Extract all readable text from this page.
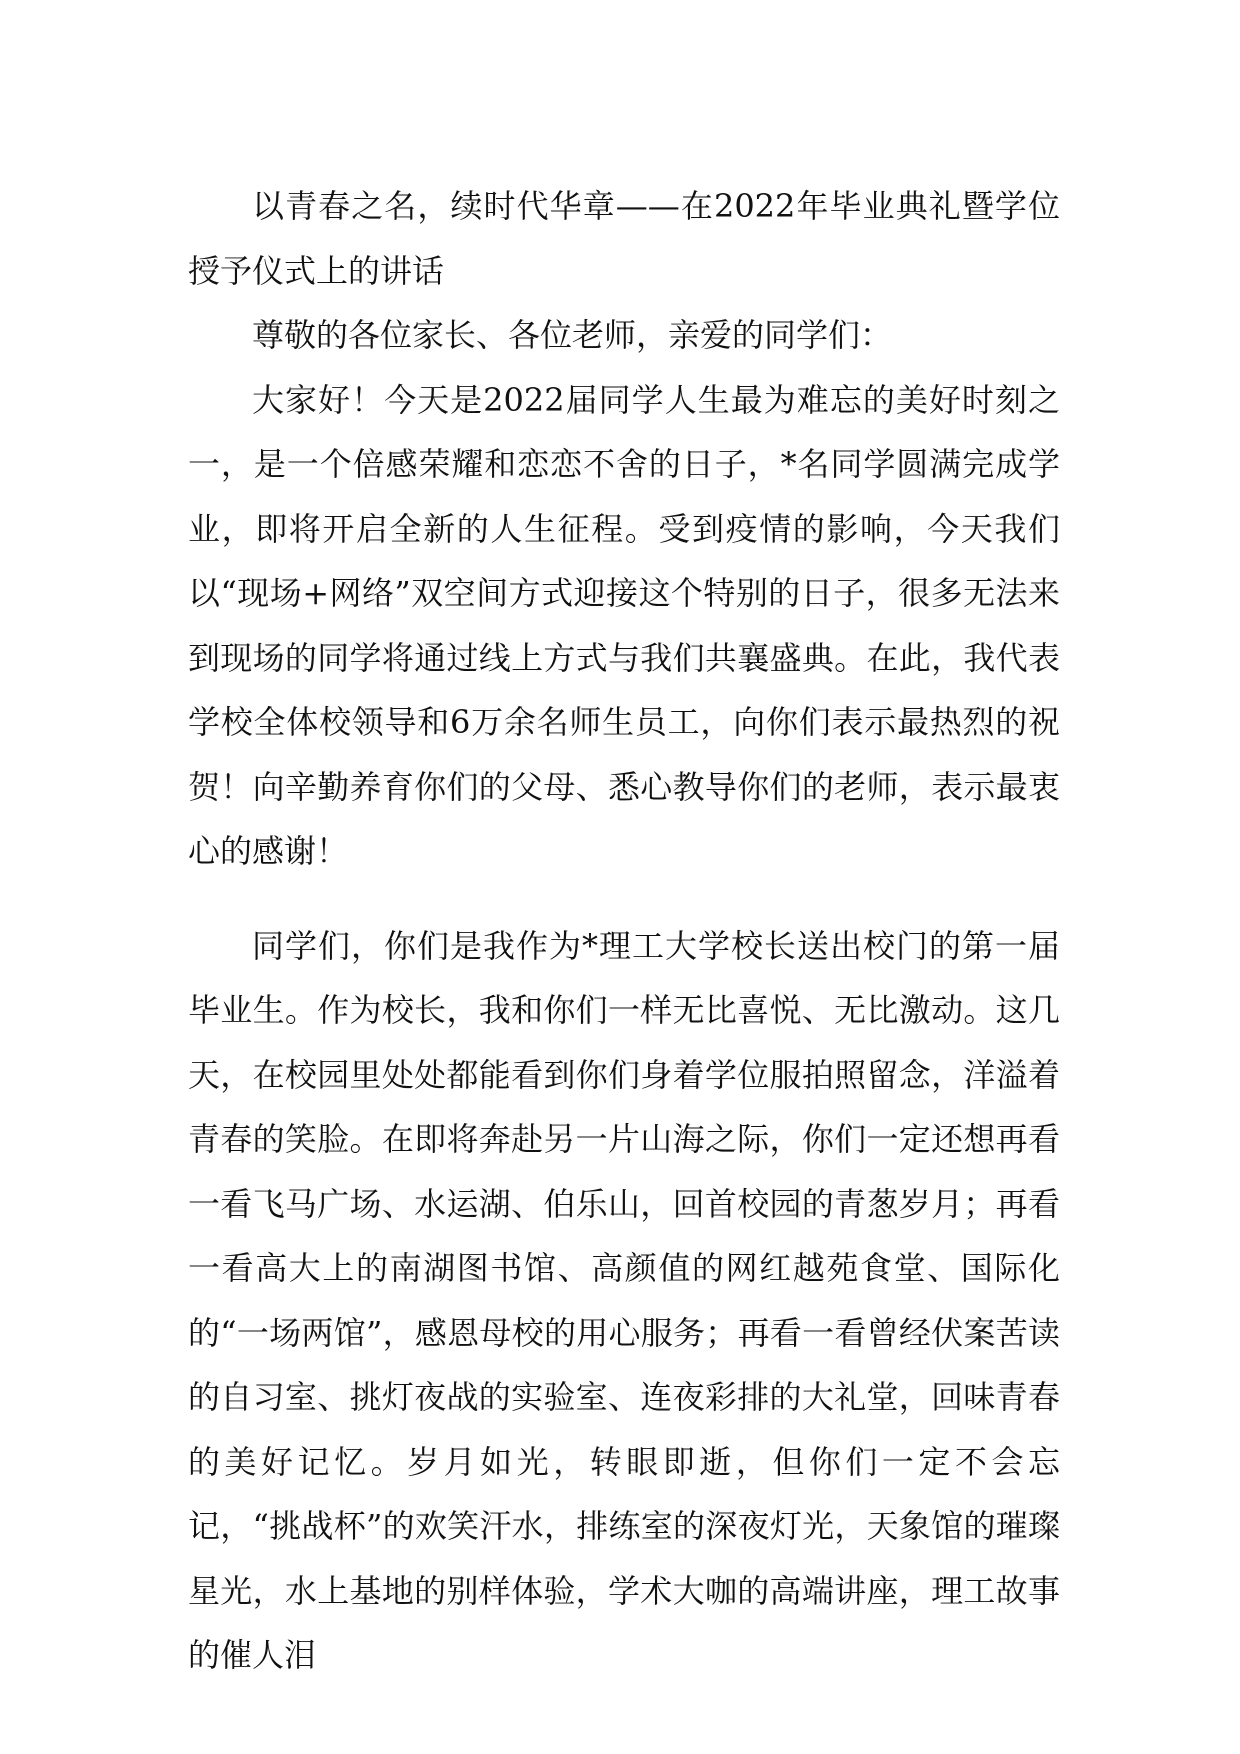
以青春之名，续时代华章——在2022年毕业典礼暨学位授予仪式上的讲话

尊敬的各位家长、各位老师，亲爱的同学们：

大家好！今天是2022届同学人生最为难忘的美好时刻之一，是一个倍感荣耀和恋恋不舍的日子，*名同学圆满完成学业，即将开启全新的人生征程。受到疫情的影响，今天我们以“现场+网络”双空间方式迎接这个特别的日子，很多无法来到现场的同学将通过线上方式与我们共襄盛典。在此，我代表学校全体校领导和6万余名师生员工，向你们表示最热烈的祝贺！向辛勤养育你们的父母、悉心教导你们的老师，表示最衷心的感谢！

同学们，你们是我作为*理工大学校长送出校门的第一届毕业生。作为校长，我和你们一样无比喜悦、无比激动。这几天，在校园里处处都能看到你们身着学位服拍照留念，洋溢着青春的笑脸。在即将奔赴另一片山海之际，你们一定还想再看一看飞马广场、水运湖、伯乐山，回首校园的青葱岁月；再看一看高大上的南湖图书馆、高颜值的网红越苑食堂、国际化的“一场两馆”，感恩母校的用心服务；再看一看曾经伏案苦读的自习室、挑灯夜战的实验室、连夜彩排的大礼堂，回味青春的美好记忆。岁月如光，转眼即逝，但你们一定不会忘记，“挑战杯”的欢笑汗水，排练室的深夜灯光，天象馆的璀璨星光，水上基地的别样体验，学术大咖的高端讲座，理工故事的催人泪
